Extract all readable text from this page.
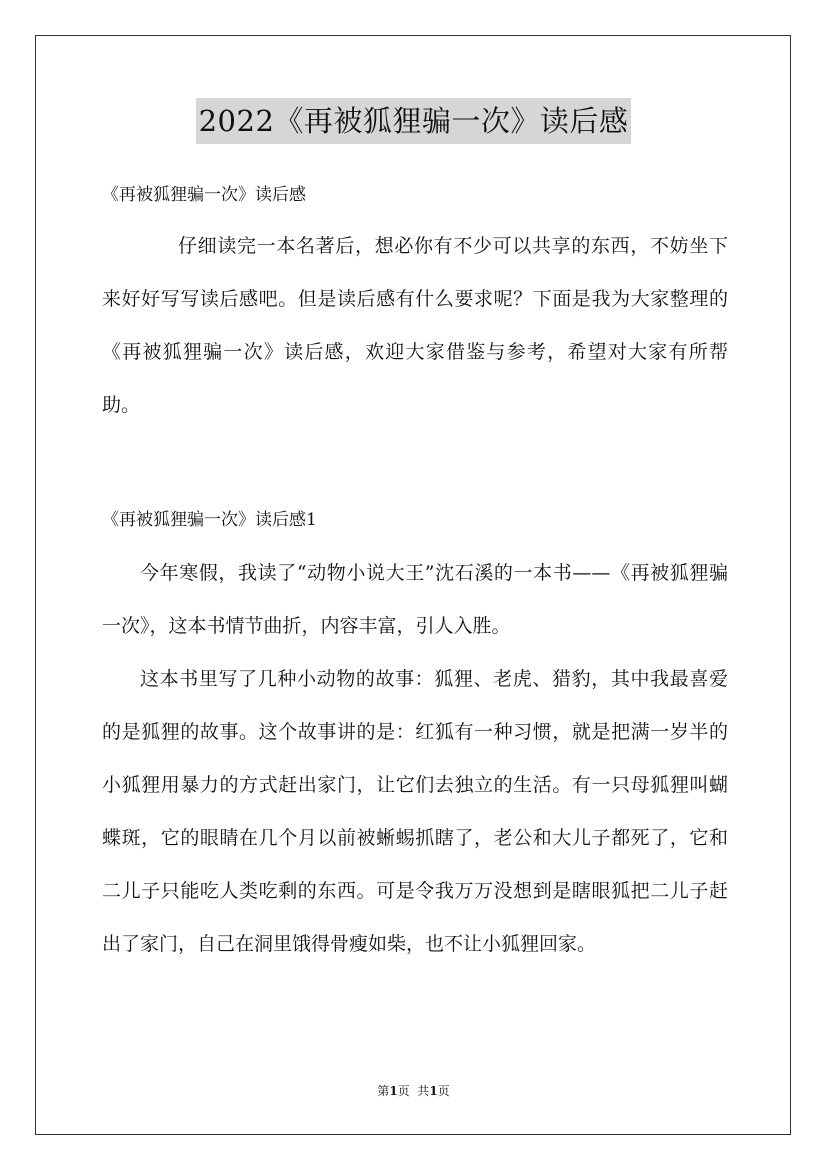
2022《再被狐狸骗一次》读后感
《再被狐狸骗一次》读后感

仔细读完一本名著后，想必你有不少可以共享的东西，不妨坐下来好好写写读后感吧。但是读后感有什么要求呢？下面是我为大家整理的《再被狐狸骗一次》读后感，欢迎大家借鉴与参考，希望对大家有所帮助。

《再被狐狸骗一次》读后感1

今年寒假，我读了“动物小说大王”沈石溪的一本书——《再被狐狸骗一次》，这本书情节曲折，内容丰富，引人入胜。

这本书里写了几种小动物的故事：狐狸、老虎、猎豹，其中我最喜爱的是狐狸的故事。这个故事讲的是：红狐有一种习惯，就是把满一岁半的小狐狸用暴力的方式赶出家门，让它们去独立的生活。有一只母狐狸叫蝴蝶斑，它的眼睛在几个月以前被蜥蜴抓瞎了，老公和大儿子都死了，它和二儿子只能吃人类吃剩的东西。可是令我万万没想到是瞎眼狐把二儿子赶出了家门，自己在洞里饿得骨瘦如柴，也不让小狐狸回家。

第1页  共1页
